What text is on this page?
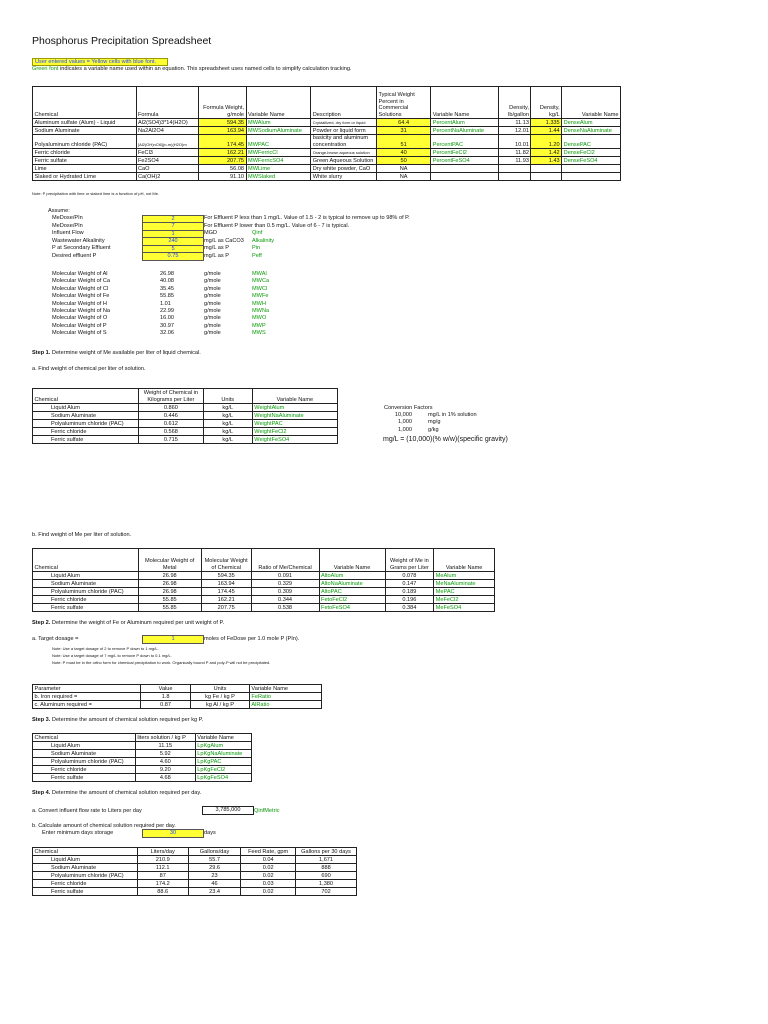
Phosphorus Precipitation Spreadsheet
User entered values = Yellow cells with blue font.
Green font indicates a variable name used within an equation. This spreadsheet uses named cells to simplify calculation tracking.
Chemical	Formula	Formula Weight, g/mole	Variable Name	Description	Typical Weight Percent in Commercial Solutions	Variable Name	Density, lb/gallon	Density, kg/L	Variable Name
Aluminum sulfate (Alum) - Liquid	Al2(SO4)3*14(H2O)	594.35	MWAlum	Crystallized, dry form or liquid	64.4	PercentAlum	11.13	1.335	DenseAlum
Sodium Aluminate	Na2Al2O4	163.94	MWSodiumAluminate	Powder or liquid form	31	PercentNaAluminate	12.01	1.44	DenseNaAluminate
Polyaluminum chloride (PAC)	[Al2(OH)nCl6](n-m)(H2O)m	174.45	MWPAC	basicity and aluminum concentration	51	PercentPAC	10.01	1.20	DensePAC
Ferric chloride	FeCl3	162.21	MWFerricCl	Orange-brown aqueous solution	40	PercentFeCl2	11.82	1.42	DenseFeCl2
Ferric sulfate	Fe2SO4	207.75	MWFerricSO4	Green Aqueous Solution	50	PercentFeSO4	11.93	1.43	DenseFeSO4
Lime	CaO	56.08	MWLime	Dry white powder, CaO	NA				
Slaked or Hydrated Lime	Ca(OH)2	91.10	MWSlaked	White slurry	NA				
Note: P precipitation with lime or slaked lime is a function of pH, not Me.
Assume:
MeDose/PIn	2	For Effluent P less than 1 mg/L. Value of 1.5 - 2 is typical to remove up to 98% of P.
MeDose/PIn	7	For Effluent P lower than 0.5 mg/L. Value of 6 - 7 is typical.
Influent Flow	1	MGD	Qinf
Wastewater Alkalinity	240	mg/L as CaCO3 Alkalinity
P at Secondary Effluent	5	mg/L as P	Pin
Desired effluent P	0.75	mg/L as P	Peff
Molecular Weight of Al	26.98	g/mole	MWAl
Molecular Weight of Ca	40.08	g/mole	MWCa
Molecular Weight of Cl	35.45	g/mole	MWCl
Molecular Weight of Fe	55.85	g/mole	MWFe
Molecular Weight of H	1.01	g/mole	MWH
Molecular Weight of Na	22.99	g/mole	MWNa
Molecular Weight of O	16.00	g/mole	MWO
Molecular Weight of P	30.97	g/mole	MWP
Molecular Weight of S	32.06	g/mole	MWS
Step 1. Determine weight of Me available per liter of liquid chemical.
a. Find weight of chemical per liter of solution.
Chemical	Weight of Chemical in Kilograms per Liter	Units	Variable Name
Liquid Alum	0.860	kg/L	WeightAlum
Sodium Aluminate	0.446	kg/L	WeightNaAluminate
Polyaluminum chloride (PAC)	0.612	kg/L	WeightPAC
Ferric chloride	0.568	kg/L	WeightFeCl2
Ferric sulfate	0.715	kg/L	WeightFeSO4
Conversion Factors
10,000	mg/L in 1% solution
1,000	mg/g
1,000	g/kg
mg/L = (10,000)(% w/w)(specific gravity)
b. Find weight of Me per liter of solution.
Chemical	Molecular Weight of Metal	Molecular Weight of Chemical	Ratio of Me/Chemical	Variable Name	Weight of Me in Grams per Liter	Variable Name
Liquid Alum	26.98	594.35	0.091	AltoAlum	0.078	MeAlum
Sodium Aluminate	26.98	163.94	0.329	AltoNaAluminate	0.147	MeNaAluminate
Polyaluminum chloride (PAC)	26.98	174.45	0.309	AltoPAC	0.189	MePAC
Ferric chloride	55.85	162.21	0.344	FetoFeCl2	0.196	MeFeCl2
Ferric sulfate	55.85	207.75	0.538	FetoFeSO4	0.384	MeFeSO4
Step 2. Determine the weight of Fe or Aluminum required per unit weight of P.
a. Target dosage =	1	moles of FeDose per 1.0 mole P (PIn).
Note: Use a target dosage of 2 to remove P down to 1 mg/L.
Note: Use a target dosage of 7 mg/L to remove P down to 0.1 mg/L.
Note: P must be in the ortho form for chemical precipitation to work. Organically bound P and poly-P will not be precipitated.
Parameter	Value	Units	Variable Name
b. Iron required =	1.8	kg Fe / kg P	FeRatio
c. Aluminum required =	0.87	kg Al / kg P	AlRatio
Step 3. Determine the amount of chemical solution required per kg P.
Chemical	liters solution / kg P	Variable Name
Liquid Alum	11.15	LpKgAlum
Sodium Aluminate	5.92	LpKgNaAluminate
Polyaluminum chloride (PAC)	4.60	LpKgPAC
Ferric chloride	9.20	LpKgFeCl2
Ferric sulfate	4.68	LpKgFeSO4
Step 4. Determine the amount of chemical solution required per day.
a. Convert influent flow rate to Liters per day	3,785,000	QinfMetric
b. Calculate amount of chemical solution required per day.
Enter minimum days storage	30	days
Chemical	Liters/day	Gallons/day	Feed Rate, gpm	Gallons per 30 days
Liquid Alum	210.9	55.7	0.04	1,671
Sodium Aluminate	112.1	29.6	0.02	888
Polyaluminum chloride (PAC)	87	23	0.02	690
Ferric chloride	174.2	46	0.03	1,380
Ferric sulfate	88.6	23.4	0.02	702
